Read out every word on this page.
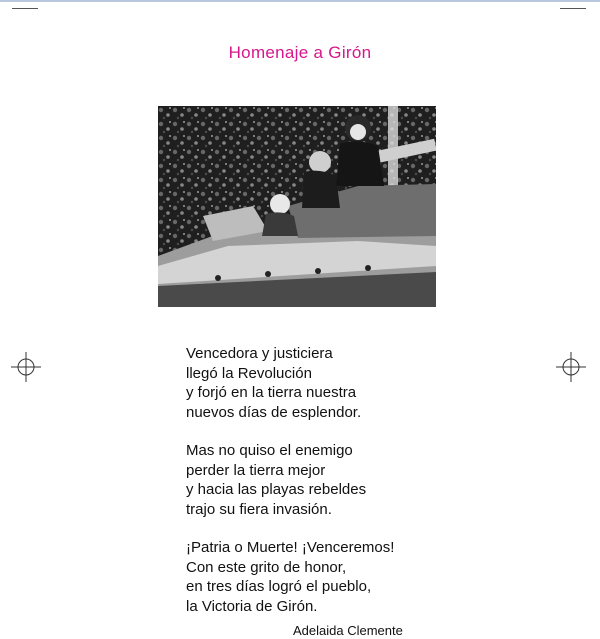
Homenaje a Girón
Vencedora y justiciera
llegó la Revolución
y forjó en la tierra nuestra
nuevos días de esplendor.
Mas no quiso el enemigo
perder la tierra mejor
y hacia las playas rebeldes
trajo su fiera invasión.
¡Patria o Muerte! ¡Venceremos!
Con este grito de honor,
en tres días logró el pueblo,
la Victoria de Girón.
Adelaida Clemente
